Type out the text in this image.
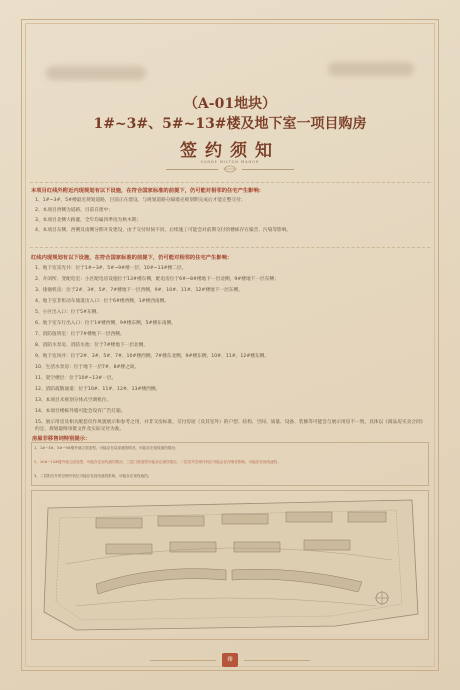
（A-01地块）
1#~3#、5#~13#楼及地下室一项目购房
签约须知
SANDE MILTON MANOR
本项目红线外附近内现规划有以下设施，在符合国家标准的前提下，仍可能对相邻的住宅产生影响：
1、1#~3#、5#楼最近规划道路，目前正在建设，与规划道路分隔墙壳规划期完成后才能完整交付；
2、本项目西侧为道路，目前在建中；
3、本项目北侧大路灌，全年均属四季度为秋木期；
4、本项目东侧、西侧及南侧分期开发建设，由于交付时间不同，后续施工可能会对前期交付的楼栋存在噪音、污染等影响。
红线内现规划有以下设施，在符合国家标准的前提下，仍可能对相邻的住宅产生影响：
1、地下室采光井：位于1#~3#、5#~9#楼一层，10#~13#楼二层。
2、开闭所、变配电室：小区配电房设施位于13#楼东侧，配电房位于6#~8#楼地下一层北侧，9#楼地下一层东侧；
3、排烟机房：位于2#、3#、5#、7#楼地下一层西侧，9#、10#、11#、12#楼地下一层东侧。
4、地下室非机动车坡道出入口：位于6#楼西侧，1#楼西南侧。
5、小区出入口：位于5#东侧。
6、地下室车行出入口：位于1#楼西侧，9#楼东侧，5#楼东南侧。
7、消防值班室：位于7#楼地下一层西侧。
8、消防水泵房、消防水池：位于7#楼地下一层北侧。
9、地下室风井：位于2#、3#、5#、7#、10#楼西侧，7#楼东北侧，9#楼东侧，10#、11#、12#楼东侧。
10、生活水泵房：位于地下一层7#、8#楼之间。
11、架空楼层：位于10#~13#一层。
12、消防疏散通道：位于10#、11#、12#、13#楼西侧。
13、本项目未规划分体式空调机位。
14、本项目楼栋外墙可能会设有广告灯箱。
15、展示用房及相关配套仅作风貌展示和参考之用，并非交房标准，交付房屋（及其室外）的户型、结构、空间、质量、设备、装修等可能会与展示用房不一致，具体以《商品房买卖合同》约定、规划最终审批文件及实际交付为准。
房屋非移售词特别提示：
1、1#~3#、5#~9#楼外墙立面造型，可能存在局部遮挡情况，可能存在视线遮挡情况；
2、10#~13#楼外墙立面造型，可能存在视线遮挡情况，三层门窗造型可能存在遮挡情况，二层室外空调外机位可能会存在噪音影响，可能存在视线遮挡；
3、二层阳台外的空调外机位可能存在视线遮挡影响，可能存在视线遮挡。
印
